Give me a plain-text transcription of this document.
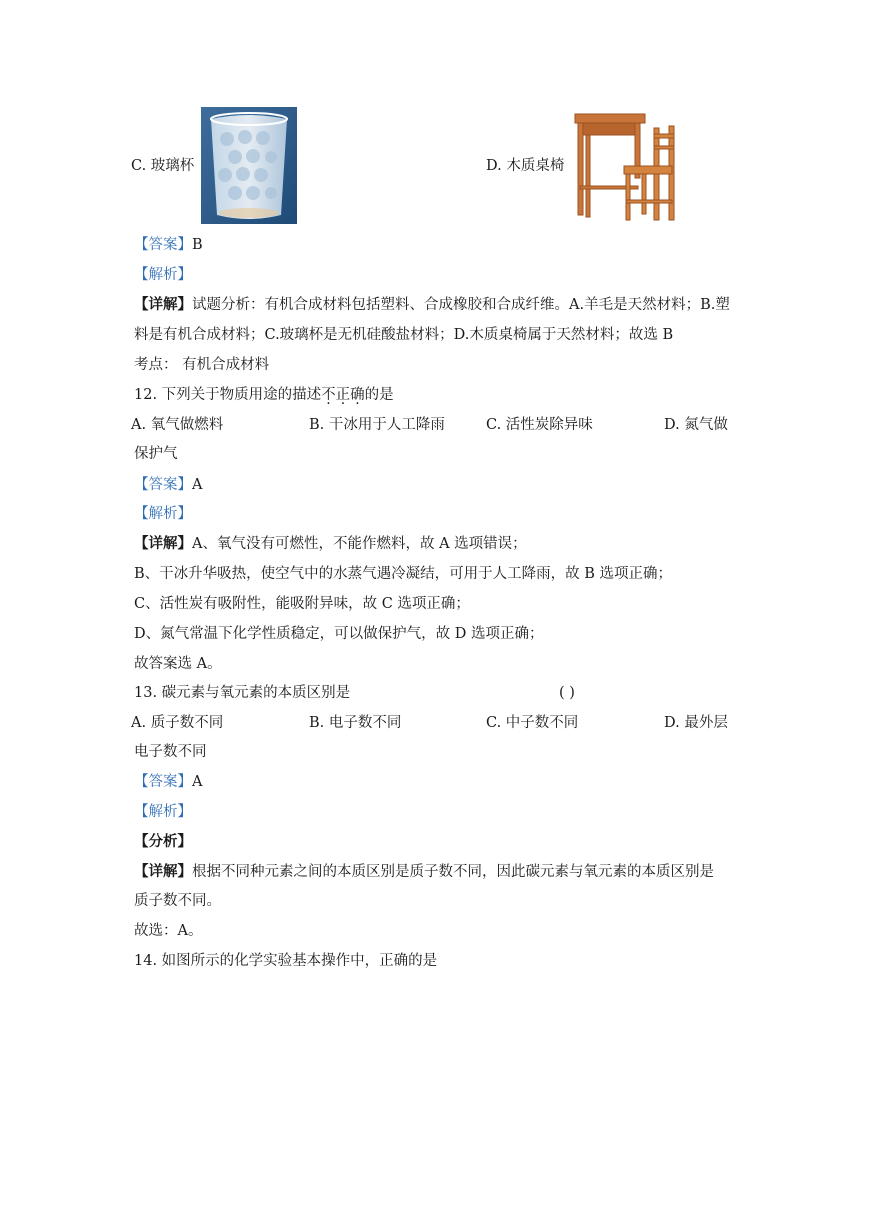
C. 玻璃杯	D. 木质桌椅
【答案】B
【解析】
【详解】试题分析：有机合成材料包括塑料、合成橡胶和合成纤维。A.羊毛是天然材料；B.塑
料是有机合成材料；C.玻璃杯是无机硅酸盐材料；D.木质桌椅属于天然材料；故选 B
考点： 有机合成材料
12. 下列关于物质用途的描述不正确的是
A. 氧气做燃料	B. 干冰用于人工降雨	C. 活性炭除异味	D. 氮气做
保护气
【答案】A
【解析】
【详解】A、氧气没有可燃性，不能作燃料，故 A 选项错误；
B、干冰升华吸热，使空气中的水蒸气遇冷凝结，可用于人工降雨，故 B 选项正确；
C、活性炭有吸附性，能吸附异味，故 C 选项正确；
D、氮气常温下化学性质稳定，可以做保护气，故 D 选项正确；
故答案选 A。
13. 碳元素与氧元素的本质区别是	( )
A. 质子数不同	B. 电子数不同	C. 中子数不同	D. 最外层
电子数不同
【答案】A
【解析】
【分析】
【详解】根据不同种元素之间的本质区别是质子数不同，因此碳元素与氧元素的本质区别是
质子数不同。
故选：A。
14. 如图所示的化学实验基本操作中，正确的是
